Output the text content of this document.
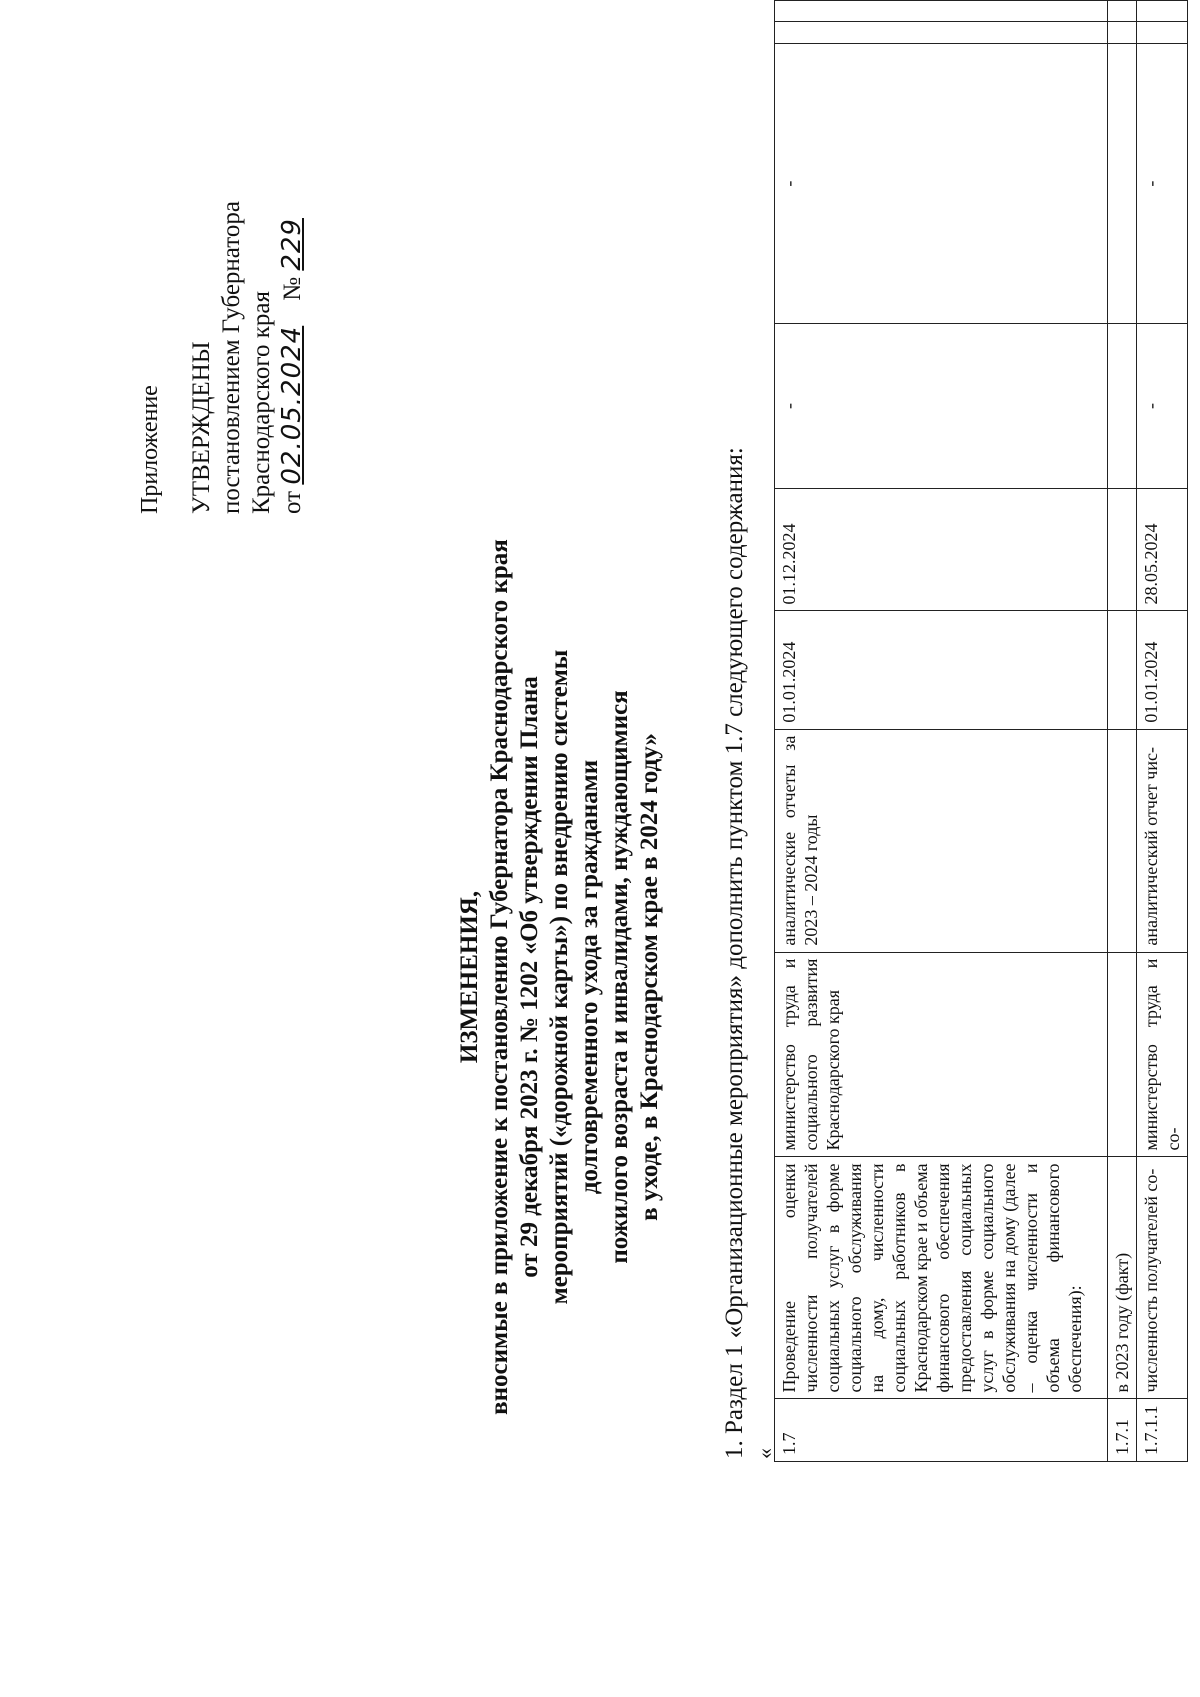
Приложение УТВЕРЖДЕНЫ постановлением Губернатора Краснодарского края от 02.05.2024    № 229
ИЗМЕНЕНИЯ, вносимые в приложение к постановлению Губернатора Краснодарского края от 29 декабря 2023 г. № 1202 «Об утверждении Плана мероприятий («дорожной карты») по внедрению системы долговременного ухода за гражданами пожилого возраста и инвалидами, нуждающимися в уходе, в Краснодарском крае в 2024 году» 1. Раздел 1 «Организационные мероприятия» дополнить пунктом 1.7 следующего содержания: « 1.7	Проведение оценки численности получателей социальных услуг в форме социального обслуживания на дому, численности социальных работников в Краснодарском крае и объема финансового обеспечения предоставления социальных услуг в форме социального обслуживания на дому (далее – оценка численности и объема финансового обеспечения):	министерство труда и социального развития Краснодарского края	аналитические отчеты за 2023 – 2024 годы	01.01.2024	01.12.2024	-	-		
1.7.1	в 2023 году (факт)								
1.7.1.1	численность получателей со-	министерство труда и со-	аналитический отчет чис-	01.01.2024	28.05.2024	-	-		
